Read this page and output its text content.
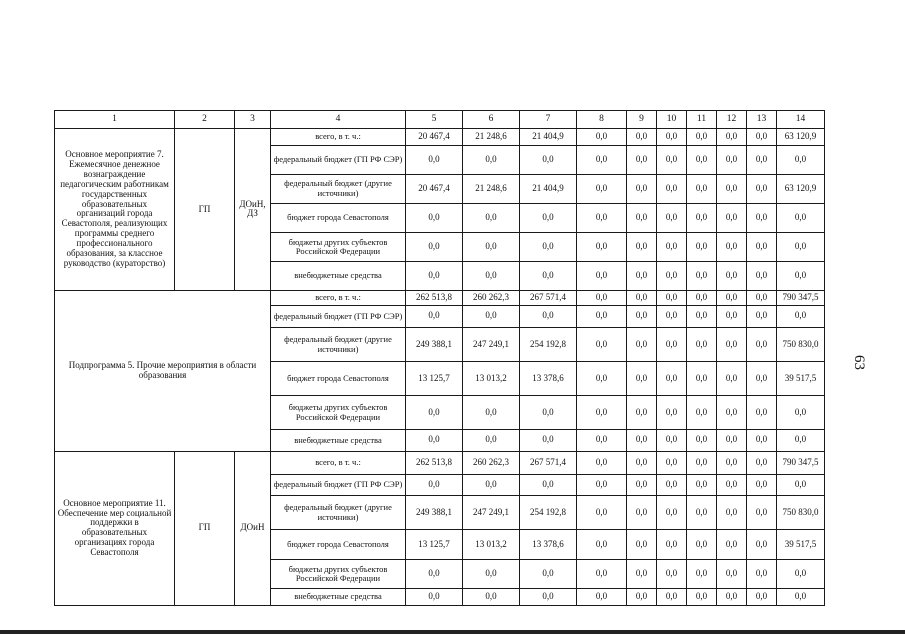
1	2	3	4	5	6	7	8	9	10	11	12	13	14
Основное мероприятие 7. Ежемесячное денежное вознаграждение педагогическим работникам государственных образовательных организаций города Севастополя, реализующих программы среднего профессионального образования, за классное руководство (кураторство)	ГП	ДОиН, ДЗ	всего, в т. ч.:	20 467,4	21 248,6	21 404,9	0,0	0,0	0,0	0,0	0,0	0,0	63 120,9
			федеральный бюджет (ГП РФ СЭР)	0,0	0,0	0,0	0,0	0,0	0,0	0,0	0,0	0,0	0,0
			федеральный бюджет (другие источники)	20 467,4	21 248,6	21 404,9	0,0	0,0	0,0	0,0	0,0	0,0	63 120,9
			бюджет города Севастополя	0,0	0,0	0,0	0,0	0,0	0,0	0,0	0,0	0,0	0,0
			бюджеты других субъектов Российской Федерации	0,0	0,0	0,0	0,0	0,0	0,0	0,0	0,0	0,0	0,0
			внебюджетные средства	0,0	0,0	0,0	0,0	0,0	0,0	0,0	0,0	0,0	0,0
Подпрограмма 5. Прочие мероприятия в области образования			всего, в т. ч.:	262 513,8	260 262,3	267 571,4	0,0	0,0	0,0	0,0	0,0	0,0	790 347,5
			федеральный бюджет (ГП РФ СЭР)	0,0	0,0	0,0	0,0	0,0	0,0	0,0	0,0	0,0	0,0
			федеральный бюджет (другие источники)	249 388,1	247 249,1	254 192,8	0,0	0,0	0,0	0,0	0,0	0,0	750 830,0
			бюджет города Севастополя	13 125,7	13 013,2	13 378,6	0,0	0,0	0,0	0,0	0,0	0,0	39 517,5
			бюджеты других субъектов Российской Федерации	0,0	0,0	0,0	0,0	0,0	0,0	0,0	0,0	0,0	0,0
			внебюджетные средства	0,0	0,0	0,0	0,0	0,0	0,0	0,0	0,0	0,0	0,0
Основное мероприятие 11. Обеспечение мер социальной поддержки в образовательных организациях города Севастополя	ГП	ДОиН	всего, в т. ч.:	262 513,8	260 262,3	267 571,4	0,0	0,0	0,0	0,0	0,0	0,0	790 347,5
			федеральный бюджет (ГП РФ СЭР)	0,0	0,0	0,0	0,0	0,0	0,0	0,0	0,0	0,0	0,0
			федеральный бюджет (другие источники)	249 388,1	247 249,1	254 192,8	0,0	0,0	0,0	0,0	0,0	0,0	750 830,0
			бюджет города Севастополя	13 125,7	13 013,2	13 378,6	0,0	0,0	0,0	0,0	0,0	0,0	39 517,5
			бюджеты других субъектов Российской Федерации	0,0	0,0	0,0	0,0	0,0	0,0	0,0	0,0	0,0	0,0
			внебюджетные средства	0,0	0,0	0,0	0,0	0,0	0,0	0,0	0,0	0,0	0,0
63
